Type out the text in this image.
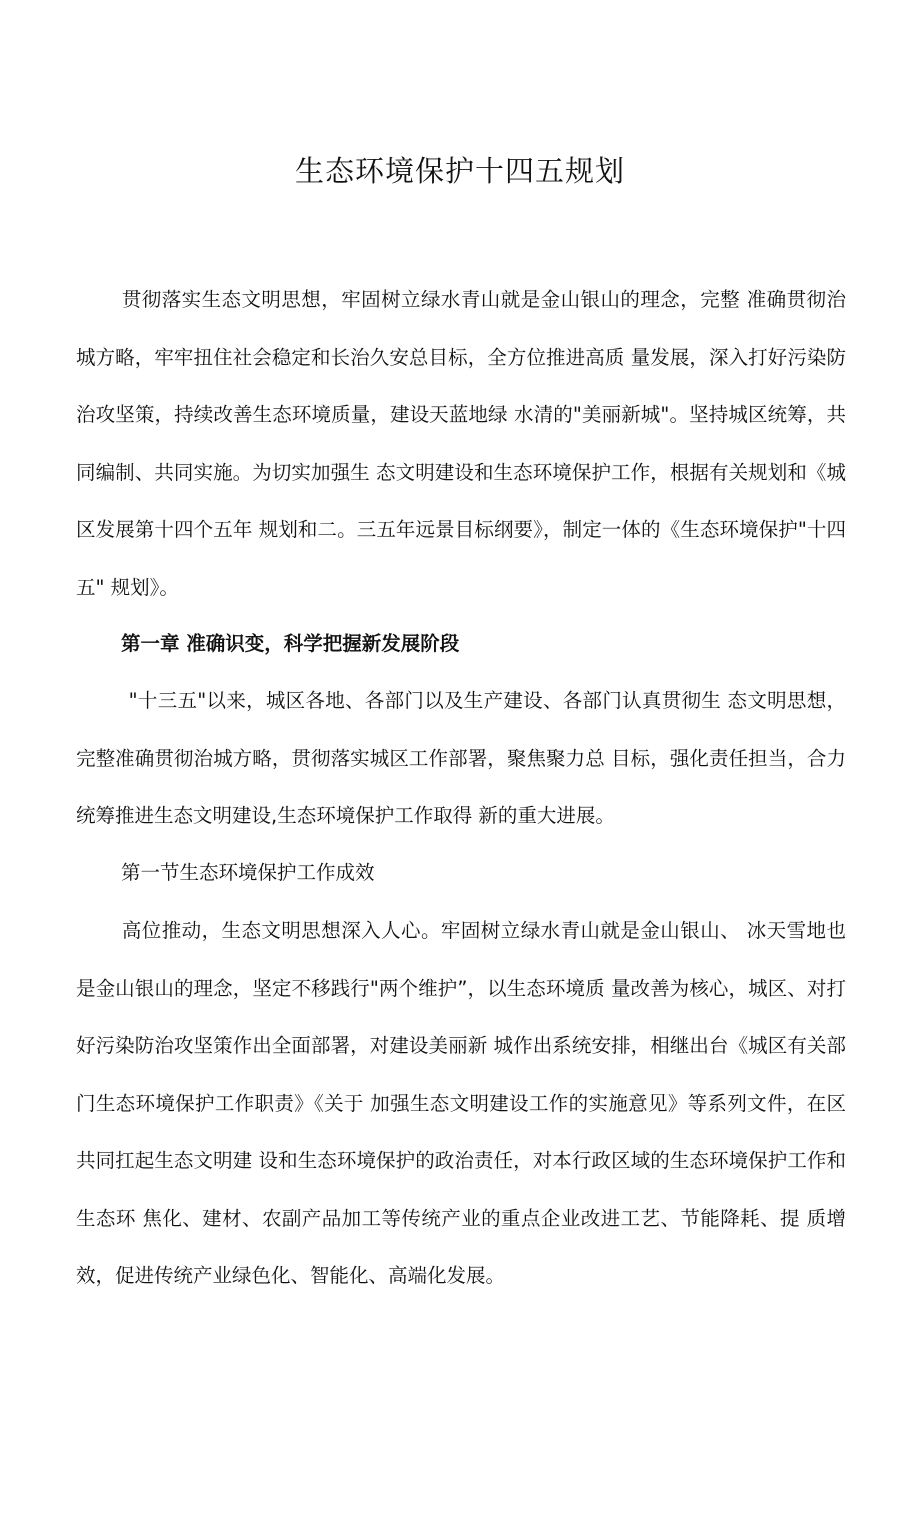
生态环境保护十四五规划

贯彻落实生态文明思想，牢固树立绿水青山就是金山银山的理念，完整 准确贯彻治城方略，牢牢扭住社会稳定和长治久安总目标，全方位推进高质 量发展，深入打好污染防治攻坚策，持续改善生态环境质量，建设天蓝地绿 水清的"美丽新城"。坚持城区统筹，共同编制、共同实施。为切实加强生 态文明建设和生态环境保护工作，根据有关规划和《城区发展第十四个五年 规划和二。三五年远景目标纲要》，制定一体的《生态环境保护"十四五" 规划》。

第一章 准确识变，科学把握新发展阶段

"十三五"以来，城区各地、各部门以及生产建设、各部门认真贯彻生 态文明思想，完整准确贯彻治城方略，贯彻落实城区工作部署，聚焦聚力总 目标，强化责任担当，合力统筹推进生态文明建设,生态环境保护工作取得 新的重大进展。

第一节生态环境保护工作成效

高位推动，生态文明思想深入人心。牢固树立绿水青山就是金山银山、 冰天雪地也是金山银山的理念，坚定不移践行"两个维护”，以生态环境质 量改善为核心，城区、对打好污染防治攻坚策作出全面部署，对建设美丽新 城作出系统安排，相继出台《城区有关部门生态环境保护工作职责》《关于 加强生态文明建设工作的实施意见》等系列文件，在区共同扛起生态文明建 设和生态环境保护的政治责任，对本行政区域的生态环境保护工作和生态环 焦化、建材、农副产品加工等传统产业的重点企业改进工艺、节能降耗、提 质增效，促进传统产业绿色化、智能化、高端化发展。
